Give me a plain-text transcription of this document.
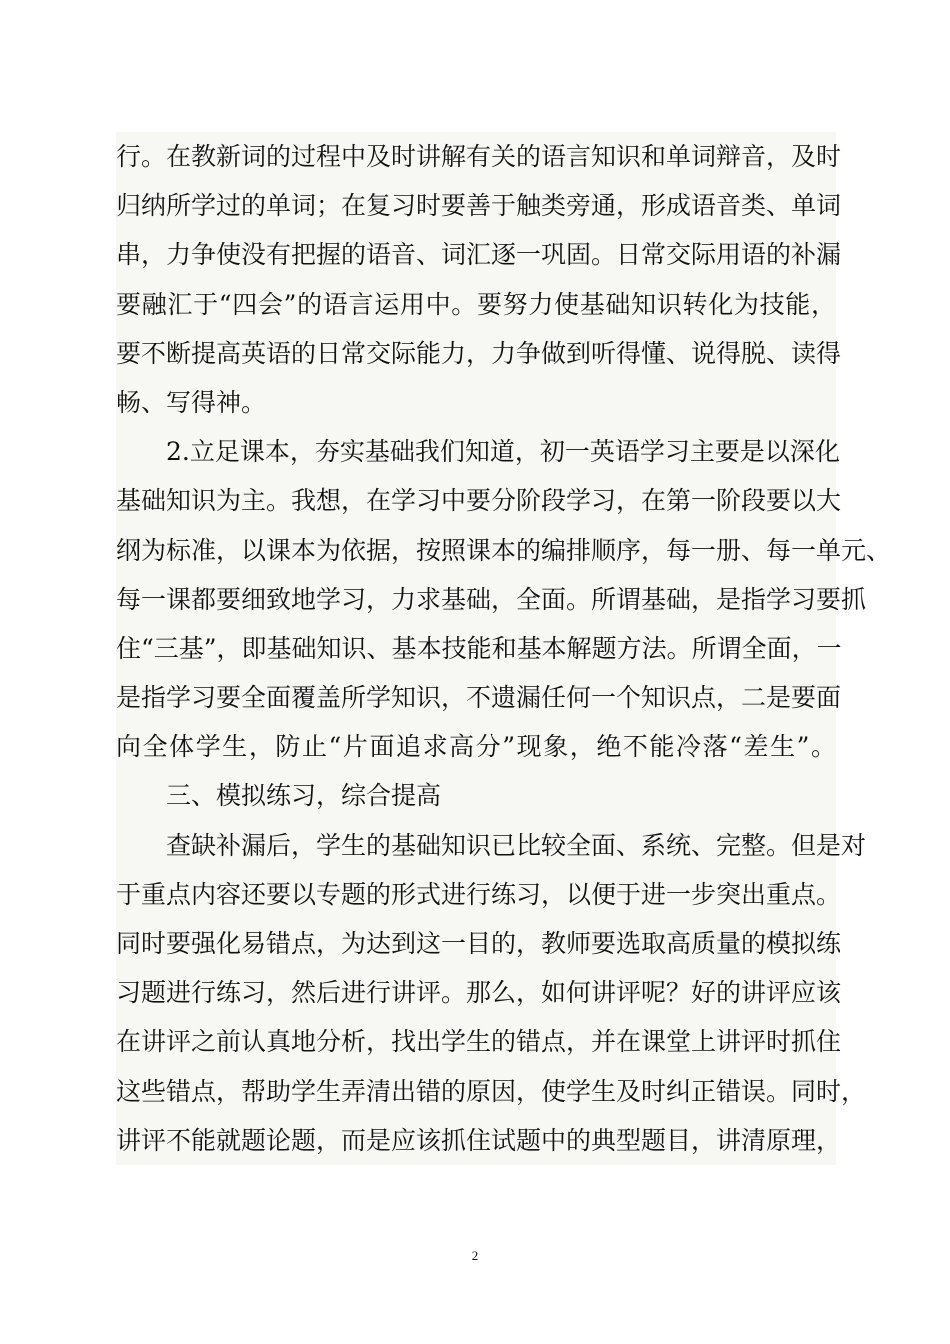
行。在教新词的过程中及时讲解有关的语言知识和单词辩音，及时
归纳所学过的单词；在复习时要善于触类旁通，形成语音类、单词
串，力争使没有把握的语音、词汇逐一巩固。日常交际用语的补漏
要融汇于“四会”的语言运用中。要努力使基础知识转化为技能，
要不断提高英语的日常交际能力，力争做到听得懂、说得脱、读得
畅、写得神。
2.立足课本，夯实基础我们知道，初一英语学习主要是以深化
基础知识为主。我想，在学习中要分阶段学习，在第一阶段要以大
纲为标准，以课本为依据，按照课本的编排顺序，每一册、每一单元、
每一课都要细致地学习，力求基础，全面。所谓基础，是指学习要抓
住“三基”，即基础知识、基本技能和基本解题方法。所谓全面，一
是指学习要全面覆盖所学知识，不遗漏任何一个知识点，二是要面
向全体学生，防止“片面追求高分”现象，绝不能冷落“差生”。
三、模拟练习，综合提高
查缺补漏后，学生的基础知识已比较全面、系统、完整。但是对
于重点内容还要以专题的形式进行练习，以便于进一步突出重点。
同时要强化易错点，为达到这一目的，教师要选取高质量的模拟练
习题进行练习，然后进行讲评。那么，如何讲评呢？好的讲评应该
在讲评之前认真地分析，找出学生的错点，并在课堂上讲评时抓住
这些错点，帮助学生弄清出错的原因，使学生及时纠正错误。同时，
讲评不能就题论题，而是应该抓住试题中的典型题目，讲清原理，
2
